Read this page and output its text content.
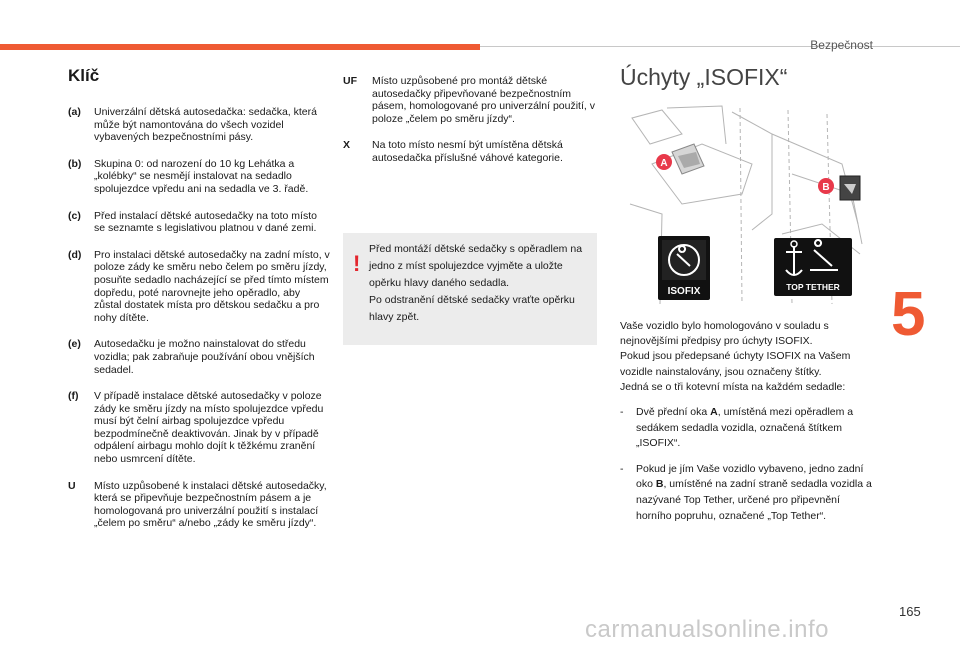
Bezpečnost
5
Klíč
(a)	Univerzální dětská autosedačka: sedačka, která může být namontována do všech vozidel vybavených bezpečnostními pásy.
(b)	Skupina 0: od narození do 10 kg Lehátka a „kolébky“ se nesmějí instalovat na sedadlo spolujezdce vpředu ani na sedadla ve 3. řadě.
(c)	Před instalací dětské autosedačky na toto místo se seznamte s legislativou platnou v dané zemi.
(d)	Pro instalaci dětské autosedačky na zadní místo, v poloze zády ke směru nebo čelem po směru jízdy, posuňte sedadlo nacházející se před tímto místem dopředu, poté narovnejte jeho opěradlo, aby zůstal dostatek místa pro dětskou sedačku a pro nohy dítěte.
(e)	Autosedačku je možno nainstalovat do středu vozidla; pak zabraňuje používání obou vnějších sedadel.
(f)	V případě instalace dětské autosedačky v poloze zády ke směru jízdy na místo spolujezdce vpředu musí být čelní airbag spolujezdce vpředu bezpodmínečně deaktivován. Jinak by v případě odpálení airbagu mohlo dojít k těžkému zranění nebo usmrcení dítěte.
U	Místo uzpůsobené k instalaci dětské autosedačky, která se připevňuje bezpečnostním pásem a je homologovaná pro univerzální použití s instalací „čelem po směru“ a/nebo „zády ke směru jízdy“.
UF	Místo uzpůsobené pro montáž dětské autosedačky připevňované bezpečnostním pásem, homologované pro univerzální použití, v poloze „čelem po směru jízdy“.
X	Na toto místo nesmí být umístěna dětská autosedačka příslušné váhové kategorie.
!
Před montáží dětské sedačky s opěradlem na jedno z míst spolujezdce vyjměte a uložte opěrku hlavy daného sedadla.
Po odstranění dětské sedačky vraťte opěrku hlavy zpět.
Úchyty „ISOFIX“
A
B
ISOFIX	TOP TETHER

Vaše vozidlo bylo homologováno v souladu s nejnovějšími předpisy pro úchyty ISOFIX.
Pokud jsou předepsané úchyty ISOFIX na Vašem vozidle nainstalovány, jsou označeny štítky.
Jedná se o tři kotevní místa na každém sedadle:

-	Dvě přední oka A, umístěná mezi opěradlem a sedákem sedadla vozidla, označená štítkem „ISOFIX“.
-	Pokud je jím Vaše vozidlo vybaveno, jedno zadní oko B, umístěné na zadní straně sedadla vozidla a nazývané Top Tether, určené pro připevnění horního popruhu, označené „Top Tether“.
165
carmanualsonline.info
